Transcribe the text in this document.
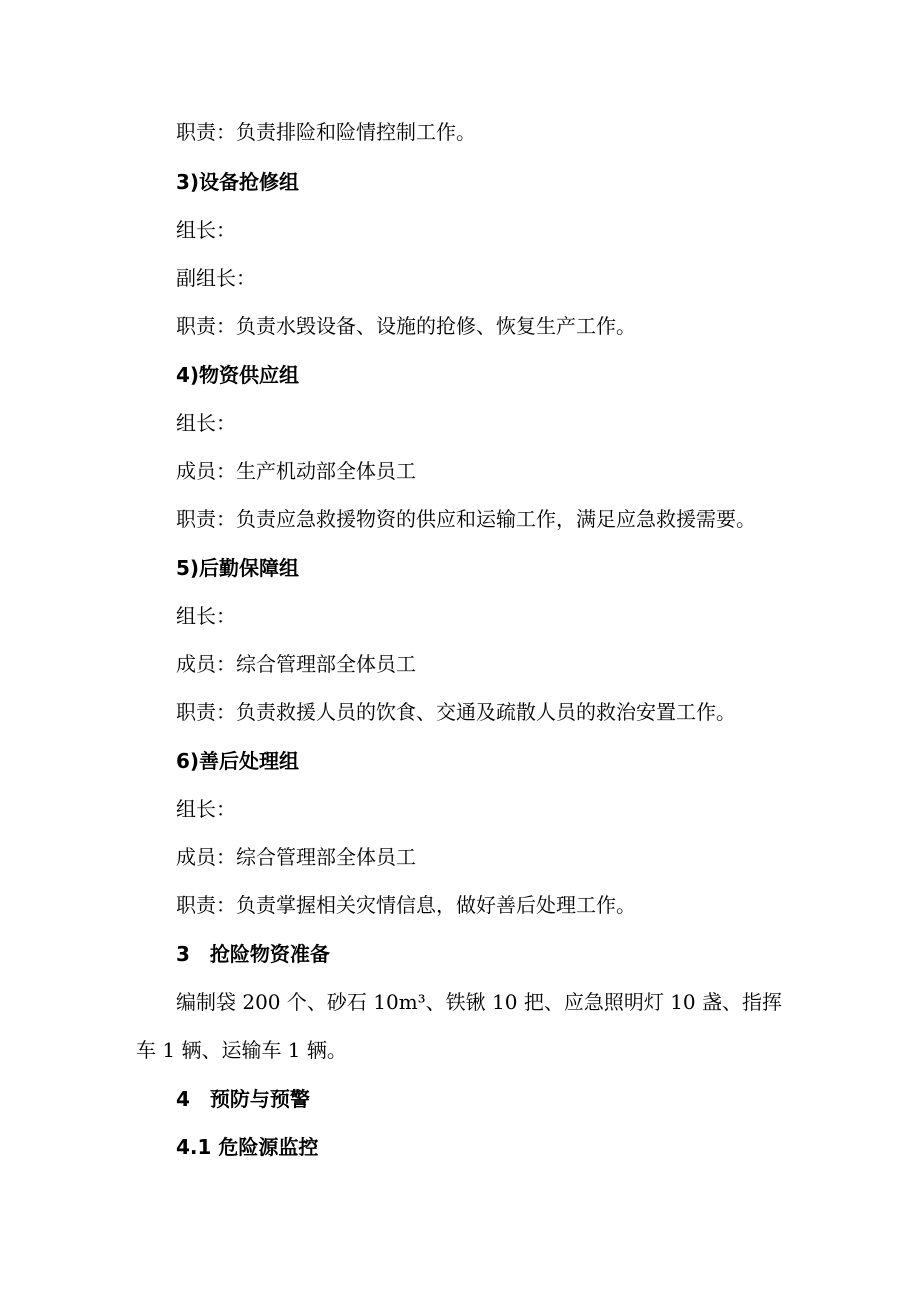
职责：负责排险和险情控制工作。
3)设备抢修组
组长：
副组长：
职责：负责水毁设备、设施的抢修、恢复生产工作。
4)物资供应组
组长：
成员：生产机动部全体员工
职责：负责应急救援物资的供应和运输工作，满足应急救援需要。
5)后勤保障组
组长：
成员：综合管理部全体员工
职责：负责救援人员的饮食、交通及疏散人员的救治安置工作。
6)善后处理组
组长：
成员：综合管理部全体员工
职责：负责掌握相关灾情信息，做好善后处理工作。
3　抢险物资准备
编制袋 200 个、砂石 10m³、铁锹 10 把、应急照明灯 10 盏、指挥
车 1 辆、运输车 1 辆。
4　预防与预警
4.1 危险源监控
